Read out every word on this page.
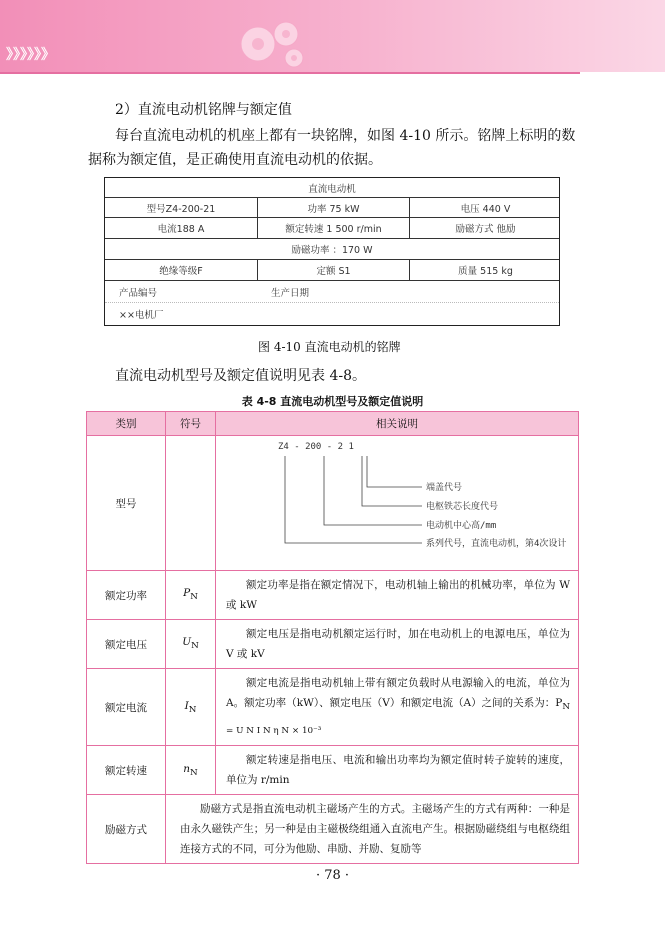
》》》》》》
2）直流电动机铭牌与额定值
每台直流电动机的机座上都有一块铭牌，如图 4-10 所示。铭牌上标明的数
据称为额定值，是正确使用直流电动机的依据。
直流电动机
型号Z4-200-21	功率 75 kW	电压 440 V
电流188 A	额定转速 1 500 r/min	励磁方式 他励
励磁功率 ：170 W
绝缘等级F	定额 S1	质量 515 kg
产品编号	生产日期
××电机厂
图 4-10 直流电动机的铭牌
直流电动机型号及额定值说明见表 4-8。
表 4-8 直流电动机型号及额定值说明
类别	符号	相关说明
型号		Z4 - 200 - 2 1
端盖代号
电枢铁芯长度代号
电动机中心高/mm
系列代号，直流电动机，第4次设计

额定功率	$P_N$	额定功率是指在额定情况下，电动机轴上输出的机械功率，单位为 W 或 kW
额定电压	$U_N$	额定电压是指电动机额定运行时，加在电动机上的电源电压，单位为 V 或 kV
额定电流	$I_N$	额定电流是指电动机轴上带有额定负载时从电源输入的电流，单位为 A。额定功率（kW）、额定电压（V）和额定电流（A）之间的关系为：$P_{N = U N I N \eta N \times 10^{-3}}$
额定转速	$n_N$	额定转速是指电压、电流和输出功率均为额定值时转子旋转的速度，单位为 r/min
励磁方式	励磁方式是指直流电动机主磁场产生的方式。主磁场产生的方式有两种：一种是由永久磁铁产生；另一种是由主磁极绕组通入直流电产生。根据励磁绕组与电枢绕组连接方式的不同，可分为他励、串励、并励、复励等	
· 78 ·
